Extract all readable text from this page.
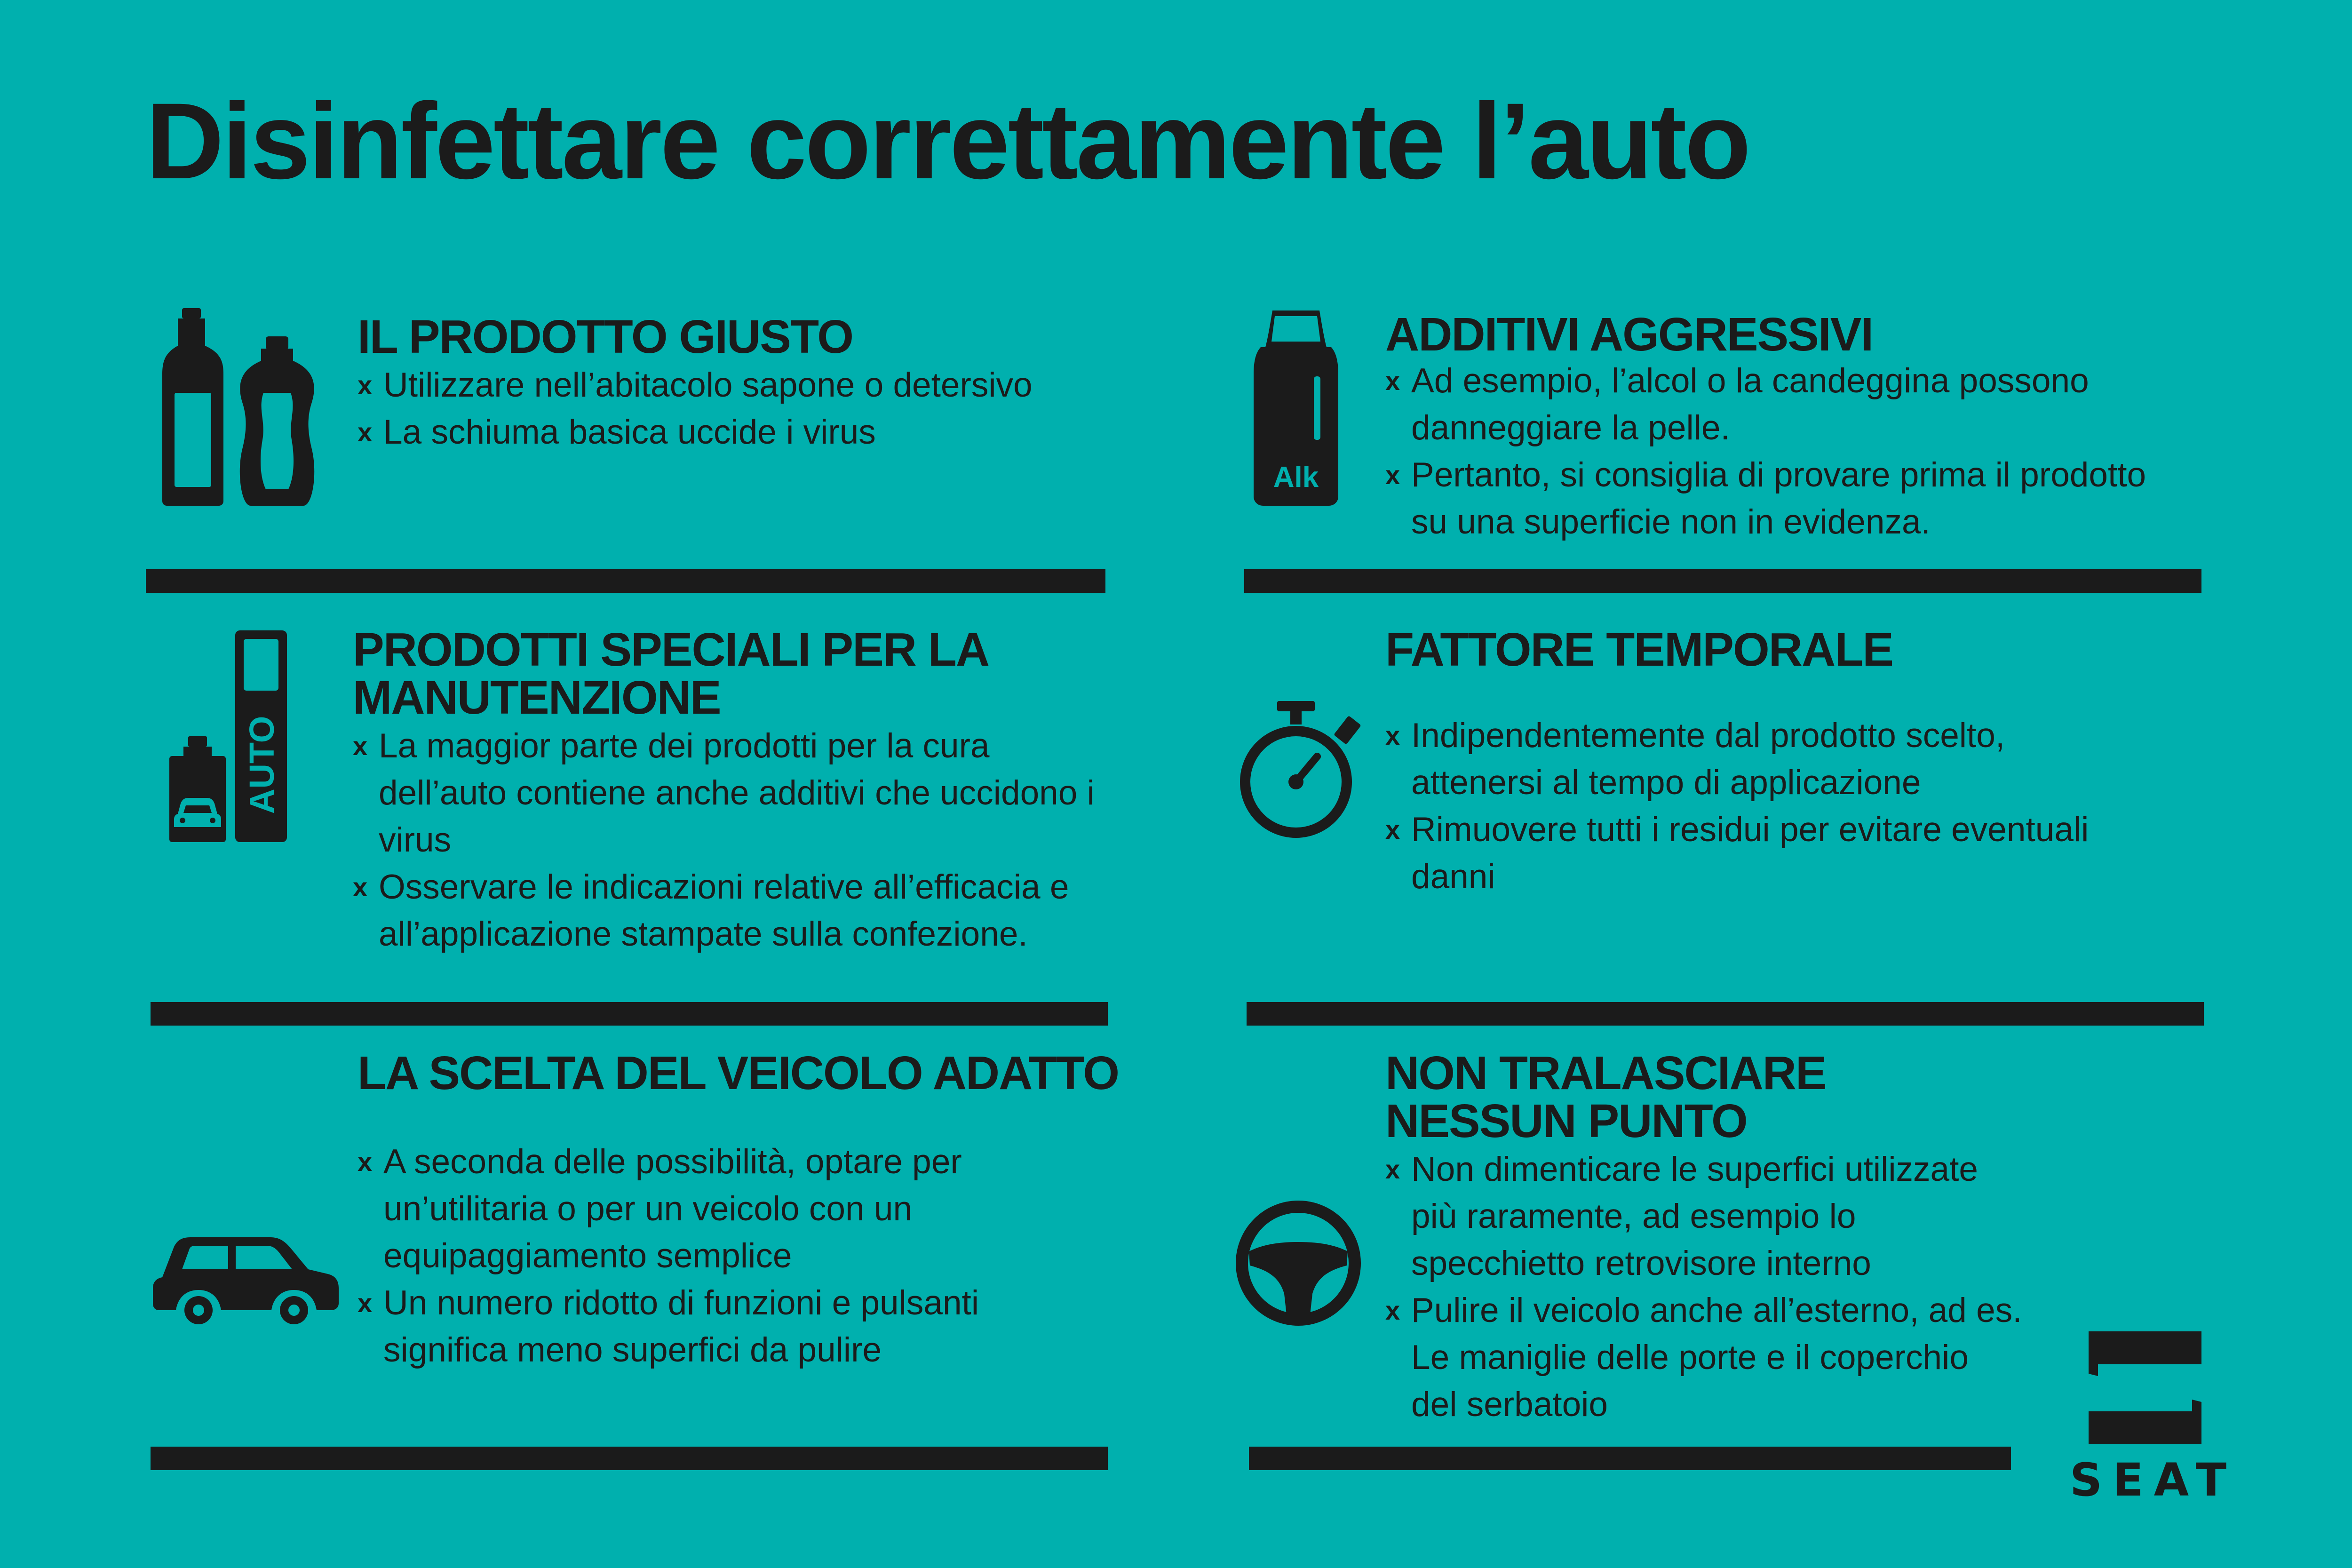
Disinfettare correttamente l’auto
IL PRODOTTO GIUSTO
x Utilizzare nell’abitacolo sapone o detersivo
x La schiuma basica uccide i virus
Alk
ADDITIVI AGGRESSIVI
x Ad esempio, l’alcol o la candeggina possono
danneggiare la pelle.
x Pertanto, si consiglia di provare prima il prodotto
su una superficie non in evidenza.
AUTO
PRODOTTI SPECIALI PER LA
MANUTENZIONE
x La maggior parte dei prodotti per la cura
dell’auto contiene anche additivi che uccidono i
virus
x Osservare le indicazioni relative all’efficacia e
all’applicazione stampate sulla confezione.
FATTORE TEMPORALE
x Indipendentemente dal prodotto scelto,
attenersi al tempo di applicazione
x Rimuovere tutti i residui per evitare eventuali
danni
LA SCELTA DEL VEICOLO ADATTO
x A seconda delle possibilità, optare per
un’utilitaria o per un veicolo con un
equipaggiamento semplice
x Un numero ridotto di funzioni e pulsanti
significa meno superfici da pulire
NON TRALASCIARE
NESSUN PUNTO
x Non dimenticare le superfici utilizzate
più raramente, ad esempio lo
specchietto retrovisore interno
x Pulire il veicolo anche all’esterno, ad es.
Le maniglie delle porte e il coperchio
del serbatoio
SEAT
